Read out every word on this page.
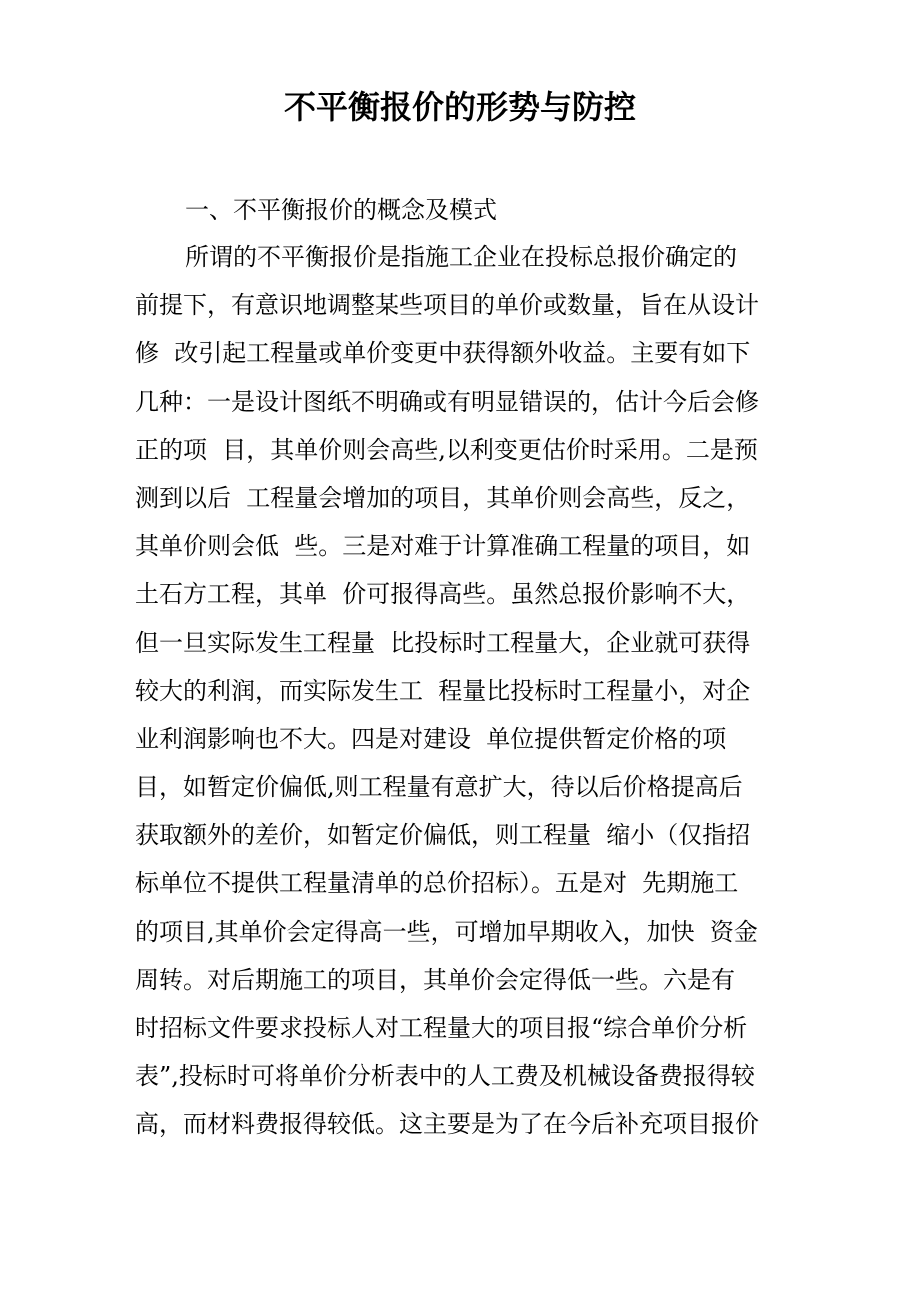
不平衡报价的形势与防控
一、不平衡报价的概念及模式
所谓的不平衡报价是指施工企业在投标总报价确定的
前提下，有意识地调整某些项目的单价或数量，旨在从设计
修  改引起工程量或单价变更中获得额外收益。主要有如下
几种：一是设计图纸不明确或有明显错误的，估计今后会修
正的项  目，其单价则会高些,以利变更估价时采用。二是预
测到以后  工程量会增加的项目，其单价则会高些，反之，
其单价则会低  些。三是对难于计算准确工程量的项目，如
土石方工程，其单  价可报得高些。虽然总报价影响不大，
但一旦实际发生工程量  比投标时工程量大，企业就可获得
较大的利润，而实际发生工  程量比投标时工程量小，对企
业利润影响也不大。四是对建设  单位提供暂定价格的项
目，如暂定价偏低,则工程量有意扩大，待以后价格提高后
获取额外的差价，如暂定价偏低，则工程量  缩小（仅指招
标单位不提供工程量清单的总价招标）。五是对  先期施工
的项目,其单价会定得高一些，可增加早期收入，加快  资金
周转。对后期施工的项目，其单价会定得低一些。六是有
时招标文件要求投标人对工程量大的项目报“综合单价分析
表”,投标时可将单价分析表中的人工费及机械设备费报得较
高，而材料费报得较低。这主要是为了在今后补充项目报价
